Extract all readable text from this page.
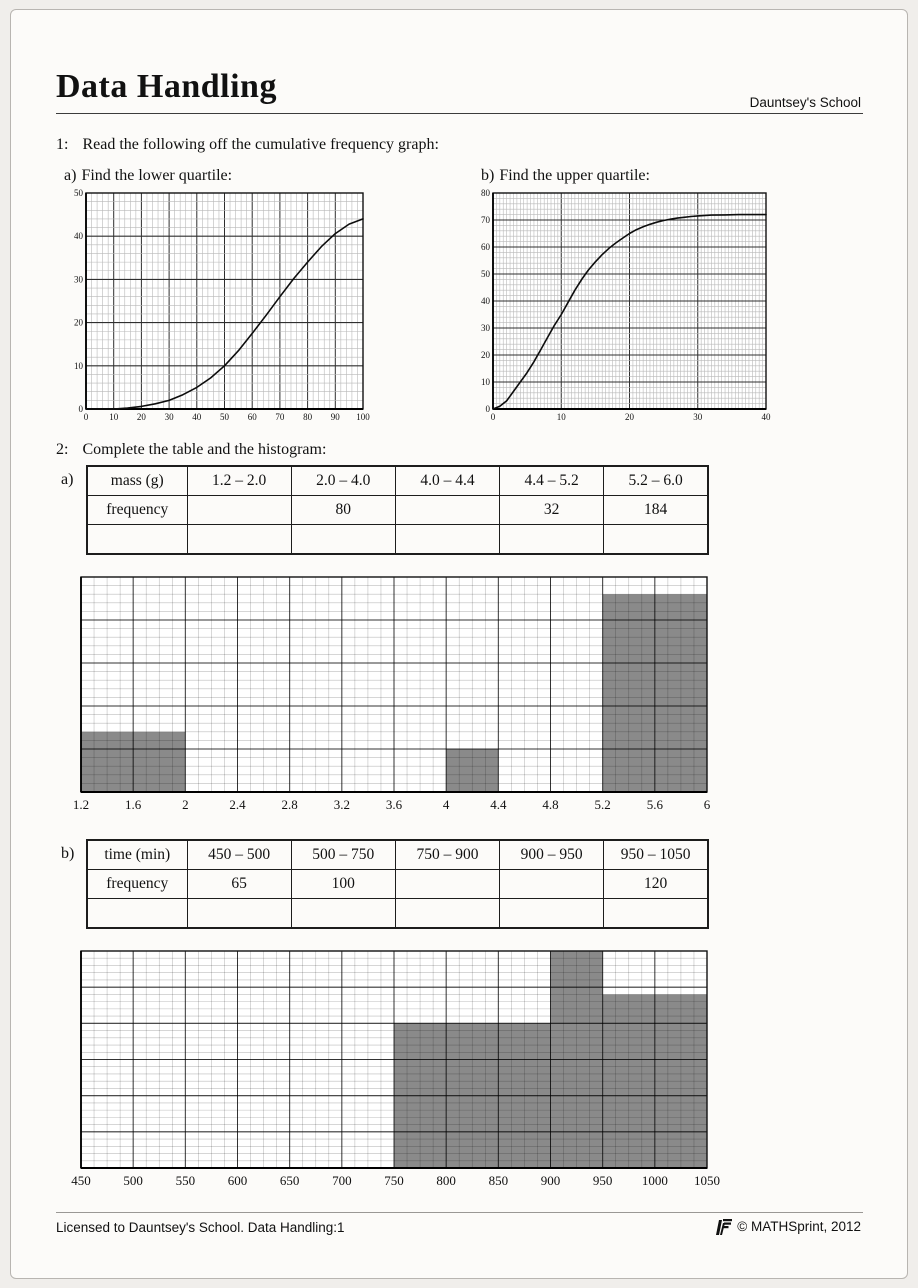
Data Handling	Dauntsey's School
1: Read the following off the cumulative frequency graph:
a) Find the lower quartile:	b) Find the upper quartile:
0 10 20 30 40 50 60 70 80 90 100
0
10
20
30
40
50
0	10	20	30	40
0
10
20
30
40
50
60
70
80
2: Complete the table and the histogram:
a) mass (g)	1.2 – 2.0	2.0 – 4.0	4.0 – 4.4	4.4 – 5.2	5.2 – 6.0
frequency		80		32	184

1.2	1.6	2	2.4	2.8	3.2	3.6	4	4.4	4.8	5.2	5.6	6
b) time (min)	450 – 500	500 – 750	750 – 900	900 – 950	950 – 1050
frequency	65	100			120

450	500	550	600	650	700	750	800	850	900	950 1000 1050
Licensed to Dauntsey's School. Data Handling:1	© MATHSprint, 2012
